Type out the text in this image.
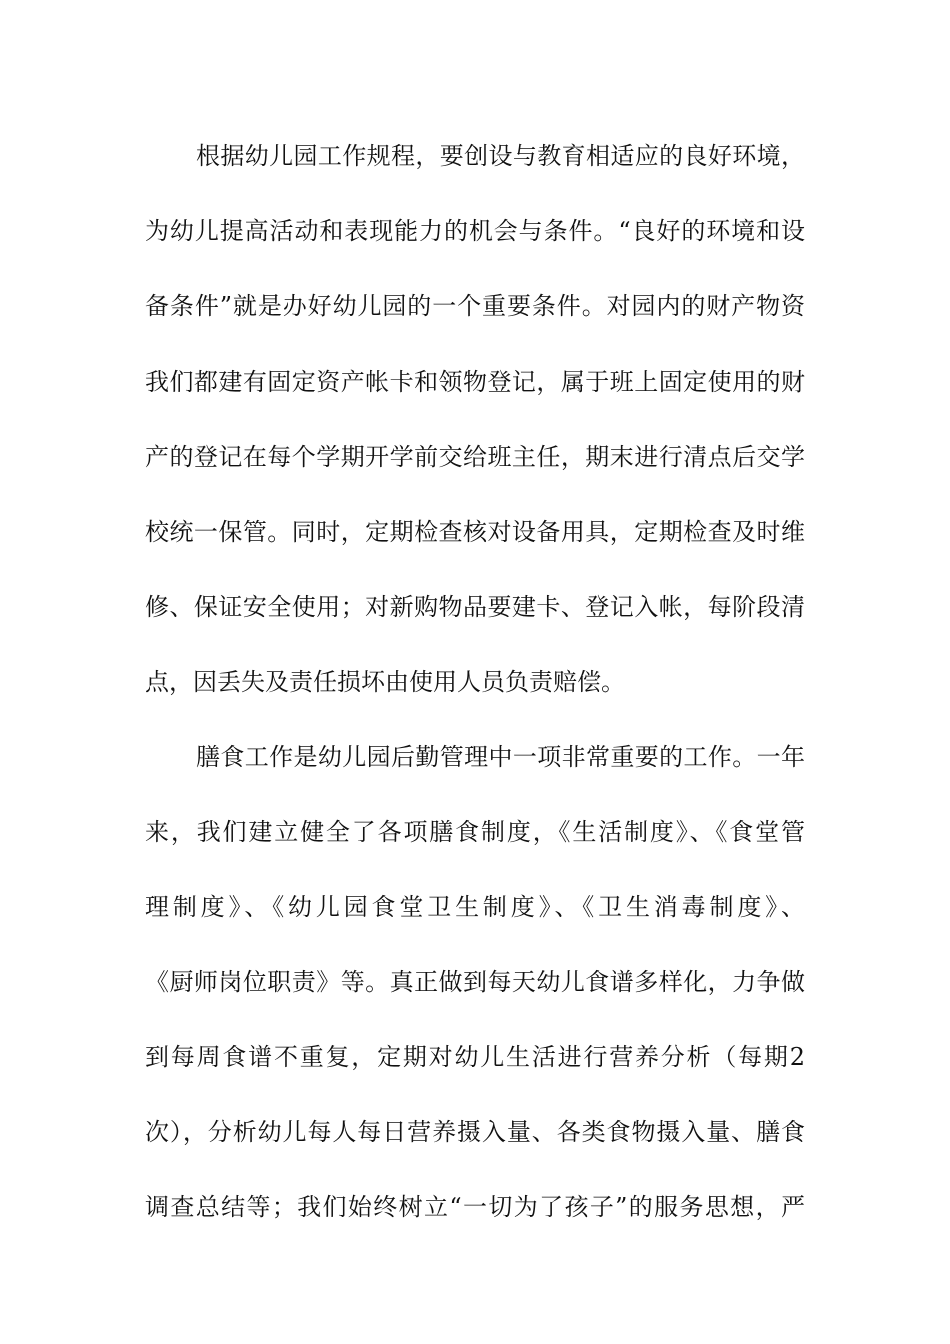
根据幼儿园工作规程，要创设与教育相适应的良好环境，
为幼儿提高活动和表现能力的机会与条件。“良好的环境和设
备条件”就是办好幼儿园的一个重要条件。对园内的财产物资
我们都建有固定资产帐卡和领物登记，属于班上固定使用的财
产的登记在每个学期开学前交给班主任，期末进行清点后交学
校统一保管。同时，定期检查核对设备用具，定期检查及时维
修、保证安全使用；对新购物品要建卡、登记入帐，每阶段清
点，因丢失及责任损坏由使用人员负责赔偿。
膳食工作是幼儿园后勤管理中一项非常重要的工作。一年
来，我们建立健全了各项膳食制度，《生活制度》、《食堂管
理制度》、《幼儿园食堂卫生制度》、《卫生消毒制度》、
《厨师岗位职责》等。真正做到每天幼儿食谱多样化，力争做
到每周食谱不重复，定期对幼儿生活进行营养分析（每期2
次），分析幼儿每人每日营养摄入量、各类食物摄入量、膳食
调查总结等；我们始终树立“一切为了孩子”的服务思想，严
